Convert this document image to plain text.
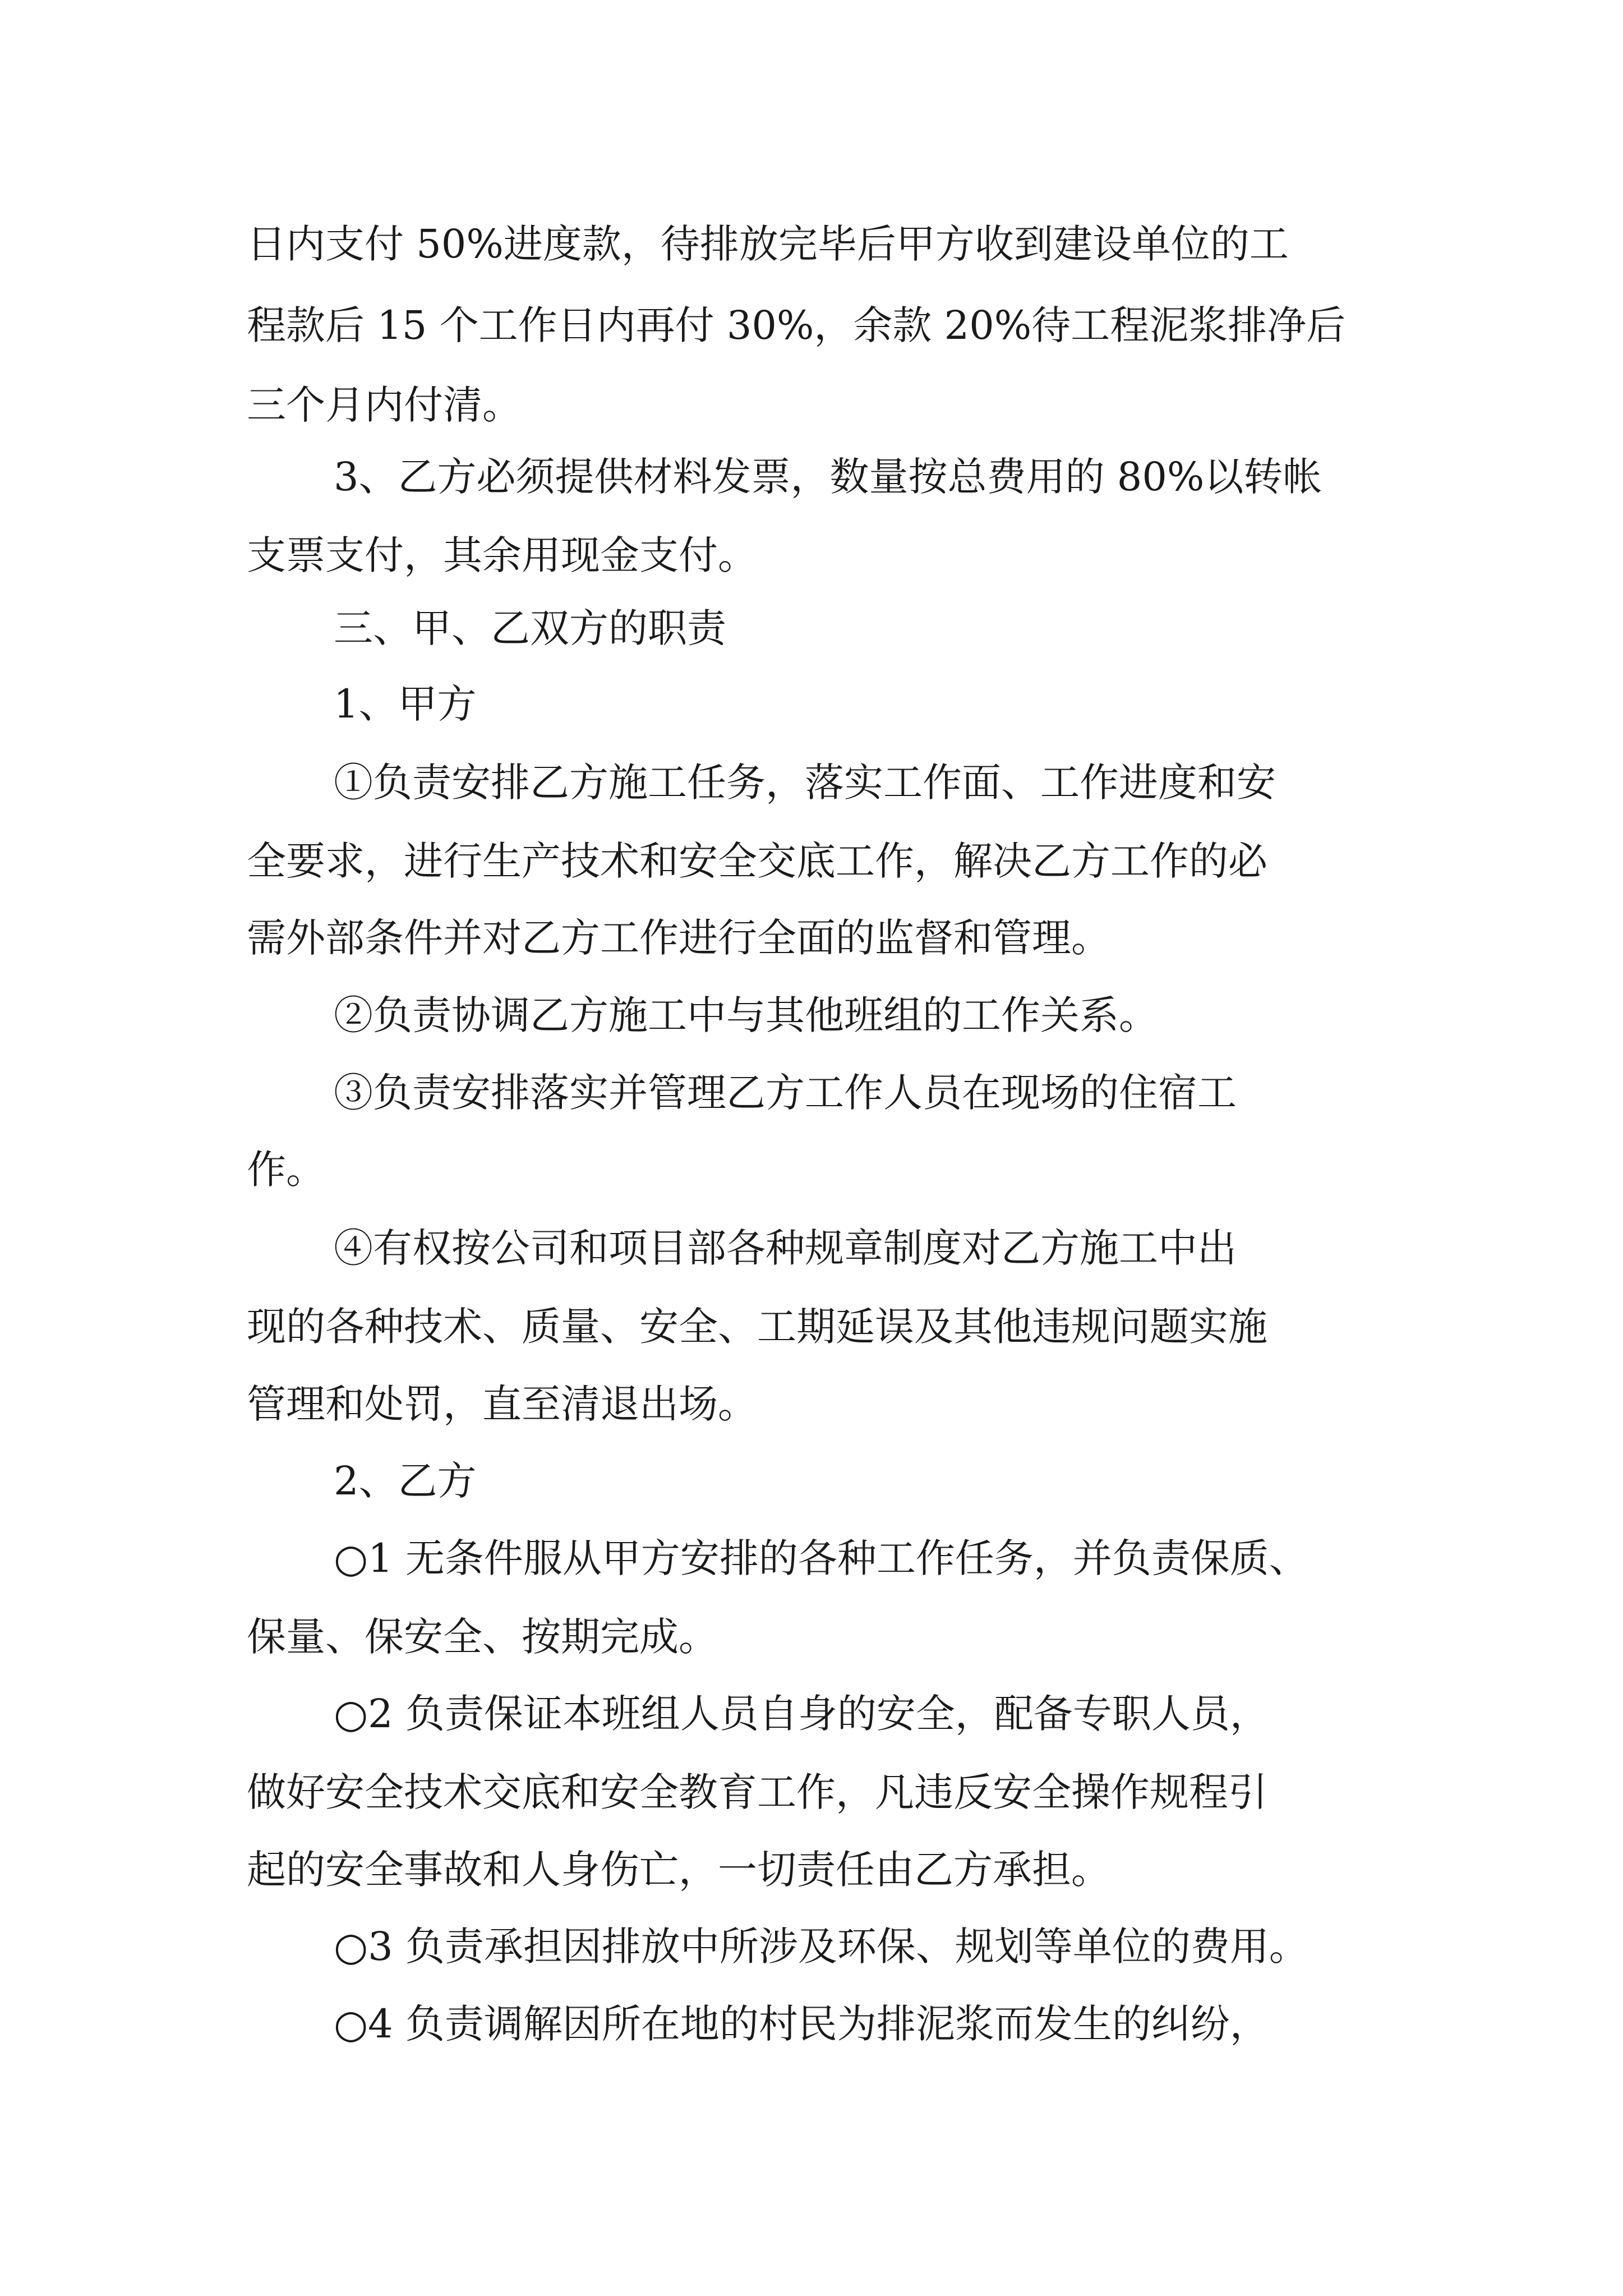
日内支付 50%进度款，待排放完毕后甲方收到建设单位的工
程款后 15 个工作日内再付 30%，余款 20%待工程泥浆排净后
三个月内付清。
3、乙方必须提供材料发票，数量按总费用的 80%以转帐
支票支付，其余用现金支付。
三、甲、乙双方的职责
1、甲方
①负责安排乙方施工任务，落实工作面、工作进度和安
全要求，进行生产技术和安全交底工作，解决乙方工作的必
需外部条件并对乙方工作进行全面的监督和管理。
②负责协调乙方施工中与其他班组的工作关系。
③负责安排落实并管理乙方工作人员在现场的住宿工
作。
④有权按公司和项目部各种规章制度对乙方施工中出
现的各种技术、质量、安全、工期延误及其他违规问题实施
管理和处罚，直至清退出场。
2、乙方
○1 无条件服从甲方安排的各种工作任务，并负责保质、
保量、保安全、按期完成。
○2 负责保证本班组人员自身的安全，配备专职人员，
做好安全技术交底和安全教育工作，凡违反安全操作规程引
起的安全事故和人身伤亡，一切责任由乙方承担。
○3 负责承担因排放中所涉及环保、规划等单位的费用。
○4 负责调解因所在地的村民为排泥浆而发生的纠纷，
